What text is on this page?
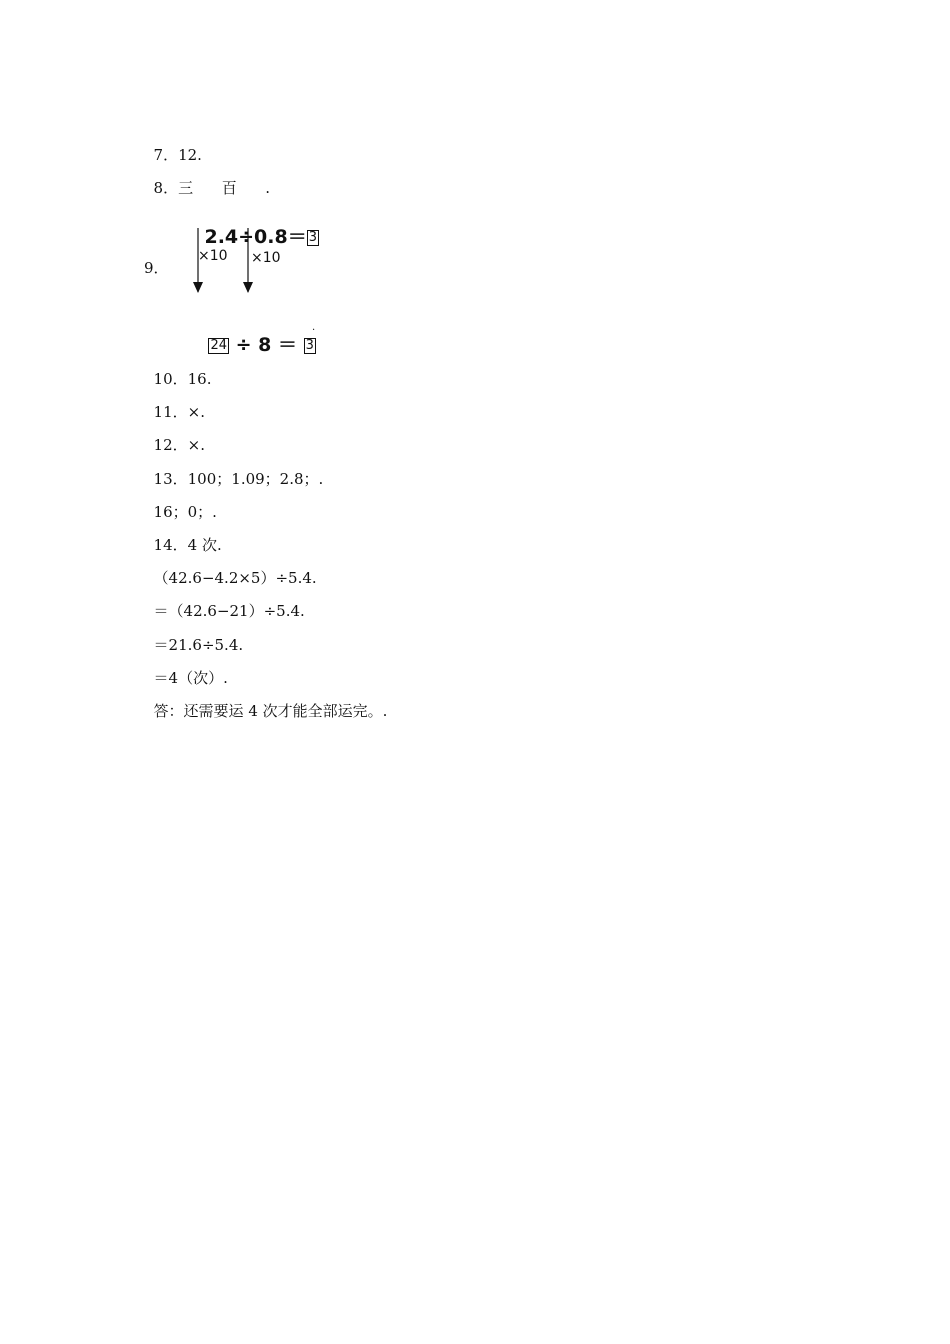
7．12.

8．三      百      .

9．

2.4÷0.8＝ 3

×10 ×10

24 ÷ 8 ＝ 3

.

10．16.

11．×.

12．×.

13．100；1.09；2.8；.

16；0；.

14．4 次.

（42.6−4.2×5）÷5.4.

＝（42.6−21）÷5.4.

＝21.6÷5.4.

＝4（次）.

答：还需要运 4 次才能全部运完。.
